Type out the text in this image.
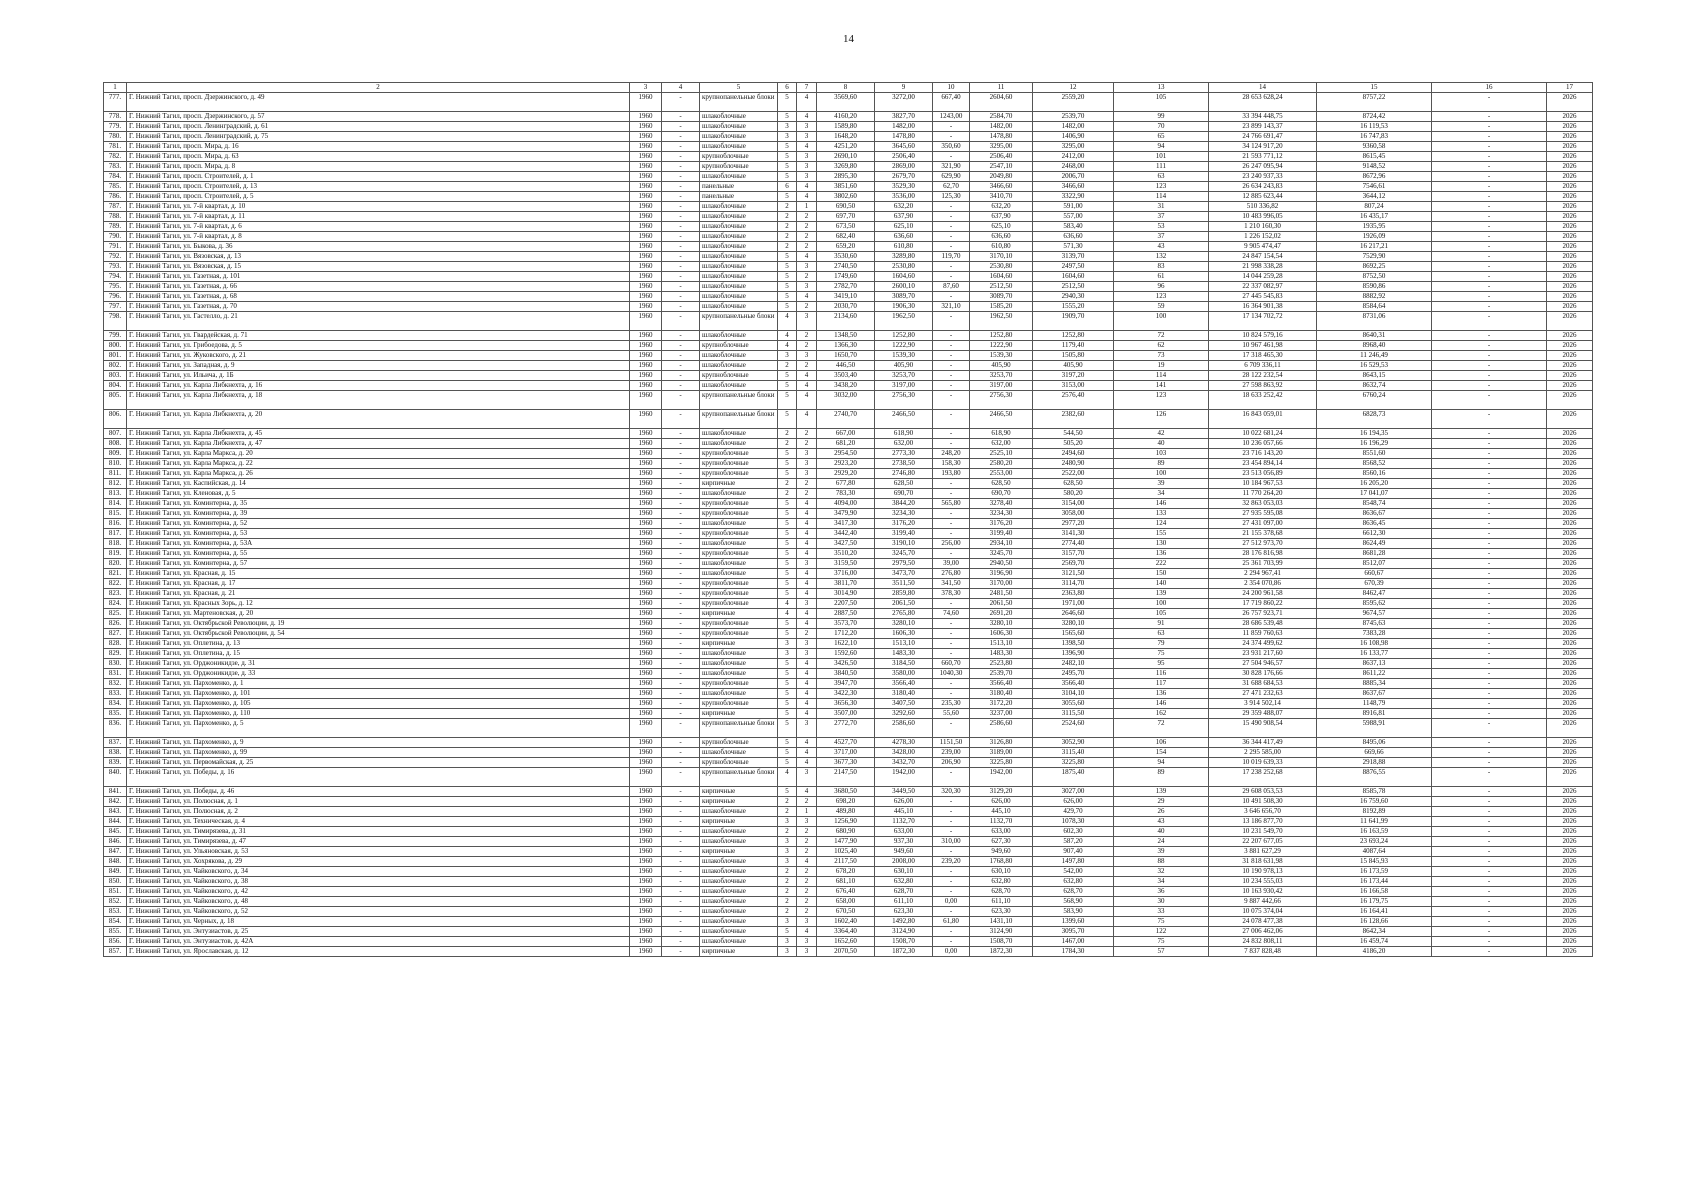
14
1	2	3	4	5	6	7	8	9	10	11	12	13	14	15	16	17
777.	Г. Нижний Тагил, просп. Дзержинского, д. 49	1960	-	крупнопанельные блоки	5	4	3569,60	3272,00	667,40	2604,60	2559,20	105	28 653 628,24	8757,22	-	2026
778.	Г. Нижний Тагил, просп. Дзержинского, д. 57	1960	-	шлакоблочные	5	4	4160,20	3827,70	1243,00	2584,70	2539,70	99	33 394 448,75	8724,42	-	2026
779.	Г. Нижний Тагил, просп. Ленинградский, д. 61	1960	-	шлакоблочные	3	3	1589,80	1482,00	-	1482,00	1482,00	70	23 899 143,37	16 119,53	-	2026
780.	Г. Нижний Тагил, просп. Ленинградский, д. 75	1960	-	шлакоблочные	3	3	1648,20	1478,80	-	1478,80	1406,90	65	24 766 691,47	16 747,83	-	2026
781.	Г. Нижний Тагил, просп. Мира, д. 16	1960	-	шлакоблочные	5	4	4251,20	3645,60	350,60	3295,00	3295,00	94	34 124 917,20	9360,58	-	2026
782.	Г. Нижний Тагил, просп. Мира, д. 63	1960	-	крупноблочные	5	3	2690,10	2506,40	-	2506,40	2412,00	101	21 593 771,12	8615,45	-	2026
783.	Г. Нижний Тагил, просп. Мира, д. 8	1960	-	крупноблочные	5	3	3269,80	2869,00	321,90	2547,10	2468,00	111	26 247 095,94	9148,52	-	2026
784.	Г. Нижний Тагил, просп. Строителей, д. 1	1960	-	шлакоблочные	5	3	2895,30	2679,70	629,90	2049,80	2006,70	63	23 240 937,33	8672,96	-	2026
785.	Г. Нижний Тагил, просп. Строителей, д. 13	1960	-	панельные	6	4	3851,60	3529,30	62,70	3466,60	3466,60	123	26 634 243,83	7546,61	-	2026
786.	Г. Нижний Тагил, просп. Строителей, д. 5	1960	-	панельные	5	4	3802,60	3536,00	125,30	3410,70	3322,90	114	12 885 623,44	3644,12	-	2026
787.	Г. Нижний Тагил, ул. 7-й квартал, д. 10	1960	-	шлакоблочные	2	1	690,50	632,20	-	632,20	591,00	31	510 336,82	807,24	-	2026
788.	Г. Нижний Тагил, ул. 7-й квартал, д. 11	1960	-	шлакоблочные	2	2	697,70	637,90	-	637,90	557,00	37	10 483 996,05	16 435,17	-	2026
789.	Г. Нижний Тагил, ул. 7-й квартал, д. 6	1960	-	шлакоблочные	2	2	673,50	625,10	-	625,10	583,40	53	1 210 160,30	1935,95	-	2026
790.	Г. Нижний Тагил, ул. 7-й квартал, д. 8	1960	-	шлакоблочные	2	2	682,40	636,60	-	636,60	636,60	37	1 226 152,02	1926,09	-	2026
791.	Г. Нижний Тагил, ул. Быкова, д. 36	1960	-	шлакоблочные	2	2	659,20	610,80	-	610,80	571,30	43	9 905 474,47	16 217,21	-	2026
792.	Г. Нижний Тагил, ул. Вязовская, д. 13	1960	-	шлакоблочные	5	4	3530,60	3289,80	119,70	3170,10	3139,70	132	24 847 154,54	7529,90	-	2026
793.	Г. Нижний Тагил, ул. Вязовская, д. 15	1960	-	шлакоблочные	5	3	2740,50	2530,80	-	2530,80	2497,50	83	21 998 338,28	8692,25	-	2026
794.	Г. Нижний Тагил, ул. Газетная, д. 101	1960	-	шлакоблочные	5	2	1749,60	1604,60	-	1604,60	1604,60	61	14 044 259,28	8752,50	-	2026
795.	Г. Нижний Тагил, ул. Газетная, д. 66	1960	-	шлакоблочные	5	3	2782,70	2600,10	87,60	2512,50	2512,50	96	22 337 082,97	8590,86	-	2026
796.	Г. Нижний Тагил, ул. Газетная, д. 68	1960	-	шлакоблочные	5	4	3419,10	3089,70	-	3089,70	2940,30	123	27 445 545,83	8882,92	-	2026
797.	Г. Нижний Тагил, ул. Газетная, д. 70	1960	-	шлакоблочные	5	2	2030,70	1906,30	321,10	1585,20	1555,20	59	16 364 901,38	8584,64	-	2026
798.	Г. Нижний Тагил, ул. Гастелло, д. 21	1960	-	крупнопанельные блоки	4	3	2134,60	1962,50	-	1962,50	1909,70	100	17 134 702,72	8731,06	-	2026
799.	Г. Нижний Тагил, ул. Гвардейская, д. 71	1960	-	шлакоблочные	4	2	1348,50	1252,80	-	1252,80	1252,80	72	10 824 579,16	8640,31	-	2026
800.	Г. Нижний Тагил, ул. Грибоедова, д. 5	1960	-	крупноблочные	4	2	1366,30	1222,90	-	1222,90	1179,40	62	10 967 461,98	8968,40	-	2026
801.	Г. Нижний Тагил, ул. Жуковского, д. 21	1960	-	шлакоблочные	3	3	1650,70	1539,30	-	1539,30	1505,80	73	17 318 465,30	11 246,49	-	2026
802.	Г. Нижний Тагил, ул. Западная, д. 9	1960	-	шлакоблочные	2	2	446,50	405,90	-	405,90	405,90	19	6 709 336,11	16 529,53	-	2026
803.	Г. Нижний Тагил, ул. Ильича, д. 1Б	1960	-	крупноблочные	5	4	3503,40	3253,70	-	3253,70	3197,20	114	28 122 232,54	8643,15	-	2026
804.	Г. Нижний Тагил, ул. Карла Либкнехта, д. 16	1960	-	шлакоблочные	5	4	3438,20	3197,00	-	3197,00	3153,00	141	27 598 863,92	8632,74	-	2026
805.	Г. Нижний Тагил, ул. Карла Либкнехта, д. 18	1960	-	крупнопанельные блоки	5	4	3032,00	2756,30	-	2756,30	2576,40	123	18 633 252,42	6760,24	-	2026
806.	Г. Нижний Тагил, ул. Карла Либкнехта, д. 20	1960	-	крупнопанельные блоки	5	4	2740,70	2466,50	-	2466,50	2382,60	126	16 843 059,01	6828,73	-	2026
807.	Г. Нижний Тагил, ул. Карла Либкнехта, д. 45	1960	-	шлакоблочные	2	2	667,00	618,90	-	618,90	544,50	42	10 022 681,24	16 194,35	-	2026
808.	Г. Нижний Тагил, ул. Карла Либкнехта, д. 47	1960	-	шлакоблочные	2	2	681,20	632,00	-	632,00	505,20	40	10 236 057,66	16 196,29	-	2026
809.	Г. Нижний Тагил, ул. Карла Маркса, д. 20	1960	-	крупноблочные	5	3	2954,50	2773,30	248,20	2525,10	2494,60	103	23 716 143,20	8551,60	-	2026
810.	Г. Нижний Тагил, ул. Карла Маркса, д. 22	1960	-	крупноблочные	5	3	2923,20	2738,50	158,30	2580,20	2480,90	89	23 454 894,14	8568,52	-	2026
811.	Г. Нижний Тагил, ул. Карла Маркса, д. 26	1960	-	крупноблочные	5	3	2929,20	2746,80	193,80	2553,00	2522,00	100	23 513 056,89	8560,16	-	2026
812.	Г. Нижний Тагил, ул. Каспийская, д. 14	1960	-	кирпичные	2	2	677,80	628,50	-	628,50	628,50	39	10 184 967,53	16 205,20	-	2026
813.	Г. Нижний Тагил, ул. Кленовая, д. 5	1960	-	шлакоблочные	2	2	783,30	690,70	-	690,70	580,20	34	11 770 264,20	17 041,07	-	2026
814.	Г. Нижний Тагил, ул. Коминтерна, д. 35	1960	-	крупноблочные	5	4	4094,00	3844,20	565,80	3278,40	3154,00	146	32 863 053,03	8548,74	-	2026
815.	Г. Нижний Тагил, ул. Коминтерна, д. 39	1960	-	крупноблочные	5	4	3479,90	3234,30	-	3234,30	3058,00	133	27 935 595,08	8636,67	-	2026
816.	Г. Нижний Тагил, ул. Коминтерна, д. 52	1960	-	шлакоблочные	5	4	3417,30	3176,20	-	3176,20	2977,20	124	27 431 097,00	8636,45	-	2026
817.	Г. Нижний Тагил, ул. Коминтерна, д. 53	1960	-	крупноблочные	5	4	3442,40	3199,40	-	3199,40	3141,30	155	21 155 378,68	6612,30	-	2026
818.	Г. Нижний Тагил, ул. Коминтерна, д. 53А	1960	-	шлакоблочные	5	4	3427,50	3190,10	256,00	2934,10	2774,40	130	27 512 973,70	8624,49	-	2026
819.	Г. Нижний Тагил, ул. Коминтерна, д. 55	1960	-	крупноблочные	5	4	3510,20	3245,70	-	3245,70	3157,70	136	28 176 816,98	8681,28	-	2026
820.	Г. Нижний Тагил, ул. Коминтерна, д. 57	1960	-	шлакоблочные	5	3	3159,50	2979,50	39,00	2940,50	2569,70	222	25 361 703,99	8512,07	-	2026
821.	Г. Нижний Тагил, ул. Красная, д. 15	1960	-	шлакоблочные	5	4	3716,00	3473,70	276,80	3196,90	3121,50	150	2 294 967,41	660,67	-	2026
822.	Г. Нижний Тагил, ул. Красная, д. 17	1960	-	крупноблочные	5	4	3811,70	3511,50	341,50	3170,00	3114,70	140	2 354 070,86	670,39	-	2026
823.	Г. Нижний Тагил, ул. Красная, д. 21	1960	-	крупноблочные	5	4	3014,90	2859,80	378,30	2481,50	2363,80	139	24 200 961,58	8462,47	-	2026
824.	Г. Нижний Тагил, ул. Красных Зорь, д. 12	1960	-	крупноблочные	4	3	2207,50	2061,50	-	2061,50	1971,00	100	17 719 860,22	8595,62	-	2026
825.	Г. Нижний Тагил, ул. Мартеновская, д. 20	1960	-	кирпичные	4	4	2887,50	2765,80	74,60	2691,20	2646,60	105	26 757 923,71	9674,57	-	2026
826.	Г. Нижний Тагил, ул. Октябрьской Революции, д. 19	1960	-	крупноблочные	5	4	3573,70	3280,10	-	3280,10	3280,10	91	28 686 539,48	8745,63	-	2026
827.	Г. Нижний Тагил, ул. Октябрьской Революции, д. 54	1960	-	крупноблочные	5	2	1712,20	1606,30	-	1606,30	1565,60	63	11 859 760,63	7383,28	-	2026
828.	Г. Нижний Тагил, ул. Оплетина, д. 13	1960	-	кирпичные	3	3	1622,10	1513,10	-	1513,10	1398,50	79	24 374 499,62	16 108,98	-	2026
829.	Г. Нижний Тагил, ул. Оплетина, д. 15	1960	-	шлакоблочные	3	3	1592,60	1483,30	-	1483,30	1396,90	75	23 931 217,60	16 133,77	-	2026
830.	Г. Нижний Тагил, ул. Орджоникидзе, д. 31	1960	-	шлакоблочные	5	4	3426,50	3184,50	660,70	2523,80	2482,10	95	27 504 946,57	8637,13	-	2026
831.	Г. Нижний Тагил, ул. Орджоникидзе, д. 33	1960	-	шлакоблочные	5	4	3840,50	3580,00	1040,30	2539,70	2495,70	116	30 828 176,66	8611,22	-	2026
832.	Г. Нижний Тагил, ул. Пархоменко, д. 1	1960	-	крупноблочные	5	4	3947,70	3566,40	-	3566,40	3566,40	117	31 688 684,53	8885,34	-	2026
833.	Г. Нижний Тагил, ул. Пархоменко, д. 101	1960	-	шлакоблочные	5	4	3422,30	3180,40	-	3180,40	3104,10	136	27 471 232,63	8637,67	-	2026
834.	Г. Нижний Тагил, ул. Пархоменко, д. 105	1960	-	крупноблочные	5	4	3656,30	3407,50	235,30	3172,20	3055,60	146	3 914 502,14	1148,79	-	2026
835.	Г. Нижний Тагил, ул. Пархоменко, д. 110	1960	-	кирпичные	5	4	3507,00	3292,60	55,60	3237,00	3115,50	162	29 359 488,07	8916,81	-	2026
836.	Г. Нижний Тагил, ул. Пархоменко, д. 5	1960	-	крупнопанельные блоки	5	3	2772,70	2586,60	-	2586,60	2524,60	72	15 490 908,54	5988,91	-	2026
837.	Г. Нижний Тагил, ул. Пархоменко, д. 9	1960	-	крупноблочные	5	4	4527,70	4278,30	1151,50	3126,80	3052,90	106	36 344 417,49	8495,06	-	2026
838.	Г. Нижний Тагил, ул. Пархоменко, д. 99	1960	-	шлакоблочные	5	4	3717,00	3428,00	239,00	3189,00	3115,40	154	2 295 585,00	669,66	-	2026
839.	Г. Нижний Тагил, ул. Первомайская, д. 25	1960	-	крупноблочные	5	4	3677,30	3432,70	206,90	3225,80	3225,80	94	10 019 639,33	2918,88	-	2026
840.	Г. Нижний Тагил, ул. Победы, д. 16	1960	-	крупнопанельные блоки	4	3	2147,50	1942,00	-	1942,00	1875,40	89	17 238 252,68	8876,55	-	2026
841.	Г. Нижний Тагил, ул. Победы, д. 46	1960	-	кирпичные	5	4	3680,50	3449,50	320,30	3129,20	3027,00	139	29 608 053,53	8585,78	-	2026
842.	Г. Нижний Тагил, ул. Полюсная, д. 1	1960	-	кирпичные	2	2	698,20	626,00	-	626,00	626,00	29	10 491 508,30	16 759,60	-	2026
843.	Г. Нижний Тагил, ул. Полюсная, д. 2	1960	-	шлакоблочные	2	1	489,80	445,10	-	445,10	429,70	26	3 646 656,70	8192,89	-	2026
844.	Г. Нижний Тагил, ул. Техническая, д. 4	1960	-	кирпичные	3	3	1256,90	1132,70	-	1132,70	1078,30	43	13 186 877,70	11 641,99	-	2026
845.	Г. Нижний Тагил, ул. Тимирязева, д. 31	1960	-	шлакоблочные	2	2	680,90	633,00	-	633,00	602,30	40	10 231 549,70	16 163,59	-	2026
846.	Г. Нижний Тагил, ул. Тимирязева, д. 47	1960	-	шлакоблочные	3	2	1477,90	937,30	310,00	627,30	587,20	24	22 207 677,05	23 693,24	-	2026
847.	Г. Нижний Тагил, ул. Ульяновская, д. 53	1960	-	кирпичные	3	2	1025,40	949,60	-	949,60	907,40	39	3 881 627,29	4087,64	-	2026
848.	Г. Нижний Тагил, ул. Хохрякова, д. 29	1960	-	шлакоблочные	3	4	2117,50	2008,00	239,20	1768,80	1497,80	88	31 818 631,98	15 845,93	-	2026
849.	Г. Нижний Тагил, ул. Чайковского, д. 34	1960	-	шлакоблочные	2	2	678,20	630,10	-	630,10	542,00	32	10 190 978,13	16 173,59	-	2026
850.	Г. Нижний Тагил, ул. Чайковского, д. 38	1960	-	шлакоблочные	2	2	681,10	632,80	-	632,80	632,80	34	10 234 555,03	16 173,44	-	2026
851.	Г. Нижний Тагил, ул. Чайковского, д. 42	1960	-	шлакоблочные	2	2	676,40	628,70	-	628,70	628,70	36	10 163 930,42	16 166,58	-	2026
852.	Г. Нижний Тагил, ул. Чайковского, д. 48	1960	-	шлакоблочные	2	2	658,00	611,10	0,00	611,10	568,90	30	9 887 442,66	16 179,75	-	2026
853.	Г. Нижний Тагил, ул. Чайковского, д. 52	1960	-	шлакоблочные	2	2	670,50	623,30	-	623,30	583,90	33	10 075 374,04	16 164,41	-	2026
854.	Г. Нижний Тагил, ул. Черных, д. 18	1960	-	шлакоблочные	3	3	1602,40	1492,80	61,80	1431,10	1399,60	75	24 078 477,38	16 128,66	-	2026
855.	Г. Нижний Тагил, ул. Энтузиастов, д. 25	1960	-	шлакоблочные	5	4	3364,40	3124,90	-	3124,90	3095,70	122	27 006 462,06	8642,34	-	2026
856.	Г. Нижний Тагил, ул. Энтузиастов, д. 42А	1960	-	шлакоблочные	3	3	1652,60	1508,70	-	1508,70	1467,00	75	24 832 808,11	16 459,74	-	2026
857.	Г. Нижний Тагил, ул. Ярославская, д. 12	1960	-	кирпичные	3	3	2070,50	1872,30	0,00	1872,30	1784,30	57	7 837 828,48	4186,20	-	2026
